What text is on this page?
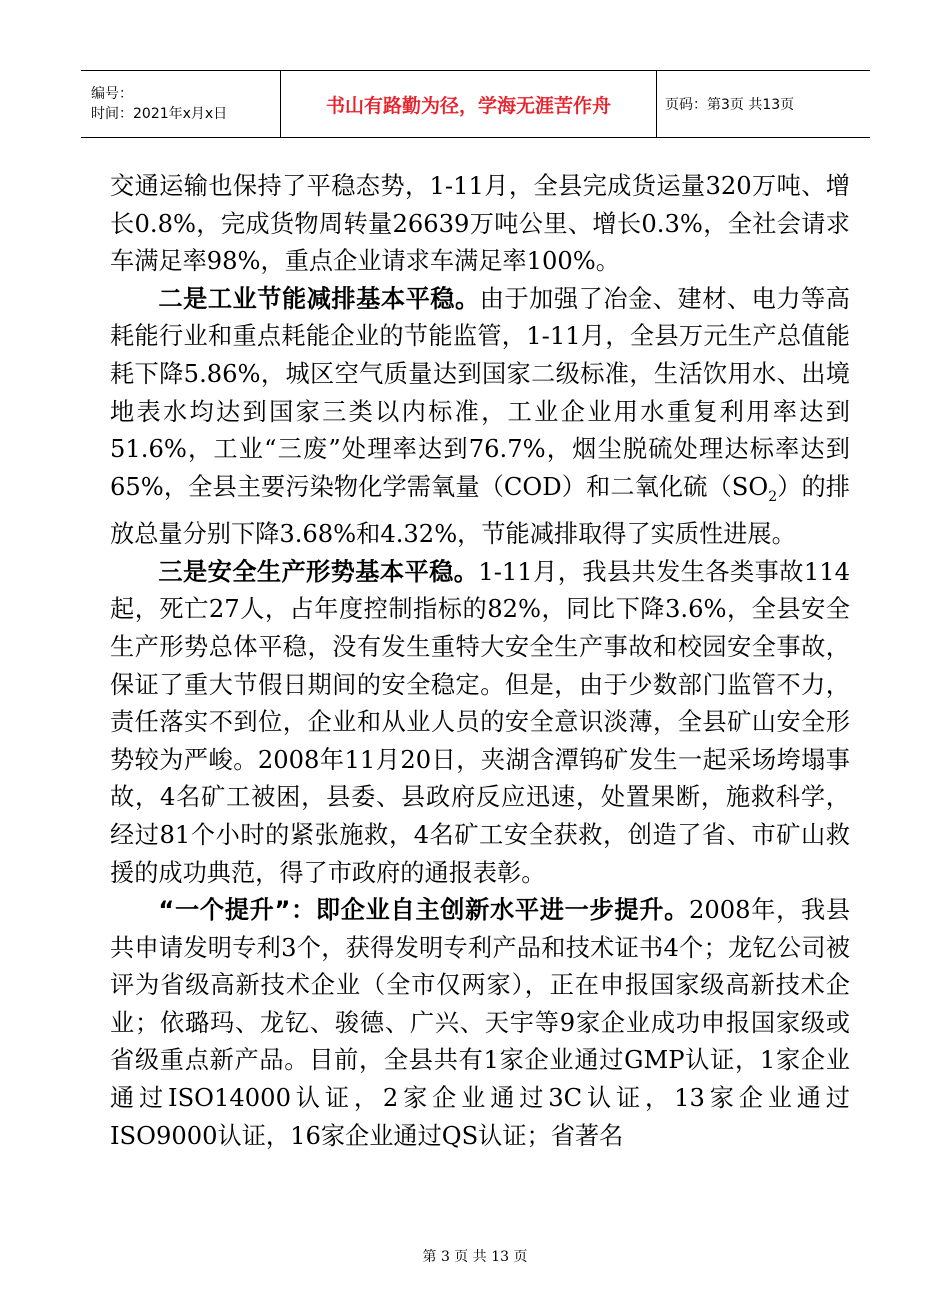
编号：
时间：2021年x月x日	书山有路勤为径，学海无涯苦作舟	页码：第3页 共13页

交通运输也保持了平稳态势，1-11月，全县完成货运量320万吨、增长0.8%，完成货物周转量26639万吨公里、增长0.3%，全社会请求车满足率98%，重点企业请求车满足率100%。

二是工业节能减排基本平稳。由于加强了冶金、建材、电力等高耗能行业和重点耗能企业的节能监管，1-11月，全县万元生产总值能耗下降5.86%，城区空气质量达到国家二级标准，生活饮用水、出境地表水均达到国家三类以内标准，工业企业用水重复利用率达到51.6%，工业“三废”处理率达到76.7%，烟尘脱硫处理达标率达到65%，全县主要污染物化学需氧量（COD）和二氧化硫$(SO_2)$的排放总量分别下降3.68%和4.32%，节能减排取得了实质性进展。

三是安全生产形势基本平稳。1-11月，我县共发生各类事故114起，死亡27人，占年度控制指标的82%，同比下降3.6%，全县安全生产形势总体平稳，没有发生重特大安全生产事故和校园安全事故，保证了重大节假日期间的安全稳定。但是，由于少数部门监管不力，责任落实不到位，企业和从业人员的安全意识淡薄，全县矿山安全形势较为严峻。2008年11月20日，夹湖含潭钨矿发生一起采场垮塌事故，4名矿工被困，县委、县政府反应迅速，处置果断，施救科学，经过81个小时的紧张施救，4名矿工安全获救，创造了省、市矿山救援的成功典范，得了市政府的通报表彰。

“一个提升”：即企业自主创新水平进一步提升。2008年，我县共申请发明专利3个，获得发明专利产品和技术证书4个；龙钇公司被评为省级高新技术企业（全市仅两家），正在申报国家级高新技术企业；依璐玛、龙钇、骏德、广兴、天宇等9家企业成功申报国家级或省级重点新产品。目前，全县共有1家企业通过GMP认证，1家企业通过ISO14000认证，2家企业通过3C认证，13家企业通过ISO9000认证，16家企业通过QS认证；省著名

第 3 页 共 13 页
